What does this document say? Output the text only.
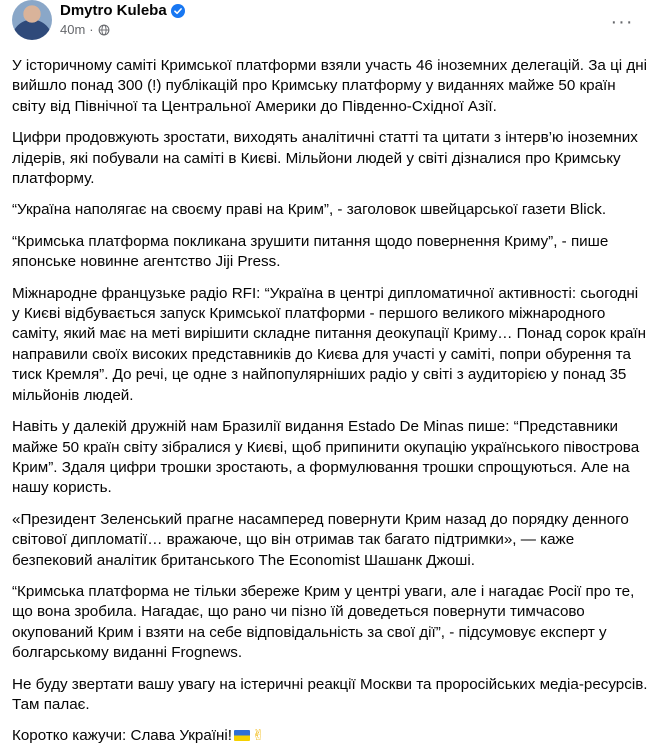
Dmytro Kuleba
40m ·	···

У історичному саміті Кримської платформи взяли участь 46 іноземних делегацій. За ці дні вийшло понад 300 (!) публікацій про Кримську платформу у виданнях майже 50 країн світу від Північної та Центральної Америки до Південно-Східної Азії.

Цифри продовжують зростати, виходять аналітичні статті та цитати з інтерв’ю іноземних лідерів, які побували на саміті в Києві. Мільйони людей у світі дізналися про Кримську платформу.

“Україна наполягає на своєму праві на Крим”, - заголовок швейцарської газети Blick.

“Кримська платформа покликана зрушити питання щодо повернення Криму”, - пише японське новинне агентство Jiji Press.

Міжнародне французьке радіо RFI: “Україна в центрі дипломатичної активності: сьогодні у Києві відбувається запуск Кримської платформи - першого великого міжнародного саміту, який має на меті вирішити складне питання деокупації Криму… Понад сорок країн направили своїх високих представників до Києва для участі у саміті, попри обурення та тиск Кремля”. До речі, це одне з найпопулярніших радіо у світі з аудиторією у понад 35 мільйонів людей.

Навіть у далекій дружній нам Бразилії видання Estado De Minas пише: “Представники майже 50 країн світу зібралися у Києві, щоб припинити окупацію українського півострова Крим”. Здаля цифри трошки зростають, а формулювання трошки спрощуються. Але на нашу користь.

«Президент Зеленський прагне насамперед повернути Крим назад до порядку денного світової дипломатії… вражаюче, що він отримав так багато підтримки», — каже безпековий аналітик британського The Economist Шашанк Джоші.

“Кримська платформа не тільки збереже Крим у центрі уваги, але і нагадає Росії про те, що вона зробила. Нагадає, що рано чи пізно їй доведеться повернути тимчасово окупований Крим і взяти на себе відповідальність за свої дії”, - підсумовує експерт у болгарському виданні Frognews.

Не буду звертати вашу увагу на істеричні реакції Москви та проросійських медіа-ресурсів. Там палає.

Коротко кажучи: Слава Україні! ✌
